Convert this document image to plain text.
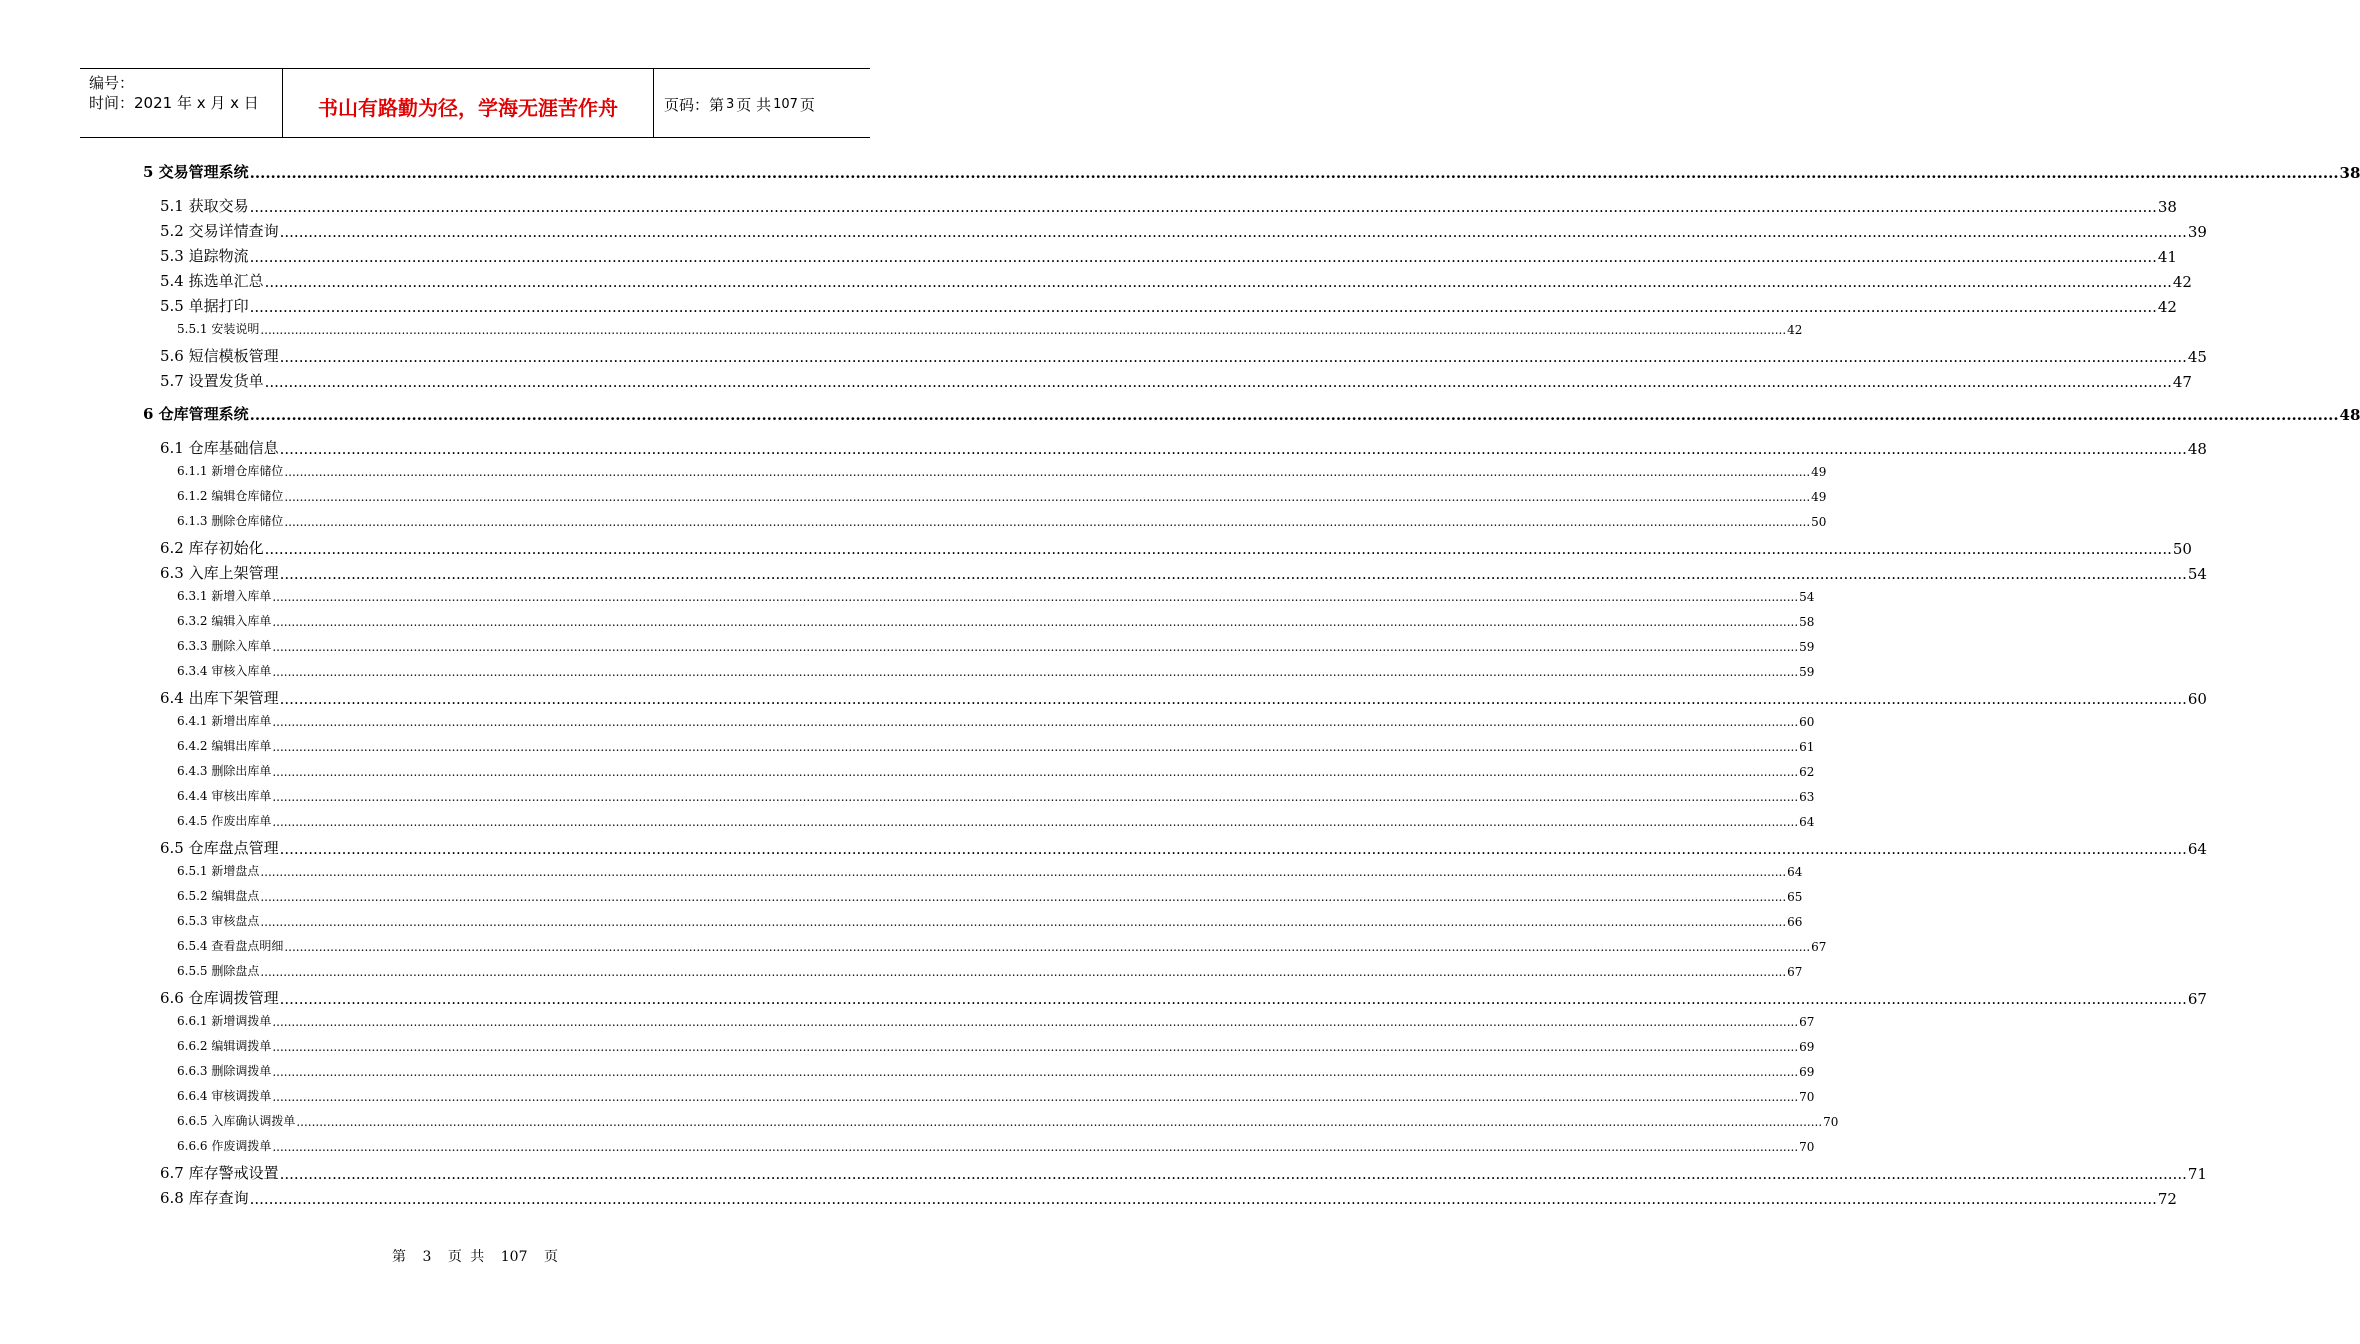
编号：
时间：2021 年 x 月 x 日	书山有路勤为径，学海无涯苦作舟	页码：第 3 页 共 107 页
5 交易管理系统 ................................................................................................................................................................................................................................................................................................................................................................................................................ 38
5.1 获取交易 ................................................................................................................................................................................................................................................................................................................................................................................................................ 38
5.2 交易详情查询 ................................................................................................................................................................................................................................................................................................................................................................................................................ 39
5.3 追踪物流 ................................................................................................................................................................................................................................................................................................................................................................................................................ 41
5.4 拣选单汇总 ................................................................................................................................................................................................................................................................................................................................................................................................................ 42
5.5 单据打印 ................................................................................................................................................................................................................................................................................................................................................................................................................ 42
5.5.1 安装说明 ................................................................................................................................................................................................................................................................................................................................................................................................................ 42
5.6 短信模板管理 ................................................................................................................................................................................................................................................................................................................................................................................................................ 45
5.7 设置发货单 ................................................................................................................................................................................................................................................................................................................................................................................................................ 47
6 仓库管理系统 ................................................................................................................................................................................................................................................................................................................................................................................................................ 48
6.1 仓库基础信息 ................................................................................................................................................................................................................................................................................................................................................................................................................ 48
6.1.1 新增仓库储位 ................................................................................................................................................................................................................................................................................................................................................................................................................ 49
6.1.2 编辑仓库储位 ................................................................................................................................................................................................................................................................................................................................................................................................................ 49
6.1.3 删除仓库储位 ................................................................................................................................................................................................................................................................................................................................................................................................................ 50
6.2 库存初始化 ................................................................................................................................................................................................................................................................................................................................................................................................................ 50
6.3 入库上架管理 ................................................................................................................................................................................................................................................................................................................................................................................................................ 54
6.3.1 新增入库单 ................................................................................................................................................................................................................................................................................................................................................................................................................ 54
6.3.2 编辑入库单 ................................................................................................................................................................................................................................................................................................................................................................................................................ 58
6.3.3 删除入库单 ................................................................................................................................................................................................................................................................................................................................................................................................................ 59
6.3.4 审核入库单 ................................................................................................................................................................................................................................................................................................................................................................................................................ 59
6.4 出库下架管理 ................................................................................................................................................................................................................................................................................................................................................................................................................ 60
6.4.1 新增出库单 ................................................................................................................................................................................................................................................................................................................................................................................................................ 60
6.4.2 编辑出库单 ................................................................................................................................................................................................................................................................................................................................................................................................................ 61
6.4.3 删除出库单 ................................................................................................................................................................................................................................................................................................................................................................................................................ 62
6.4.4 审核出库单 ................................................................................................................................................................................................................................................................................................................................................................................................................ 63
6.4.5 作废出库单 ................................................................................................................................................................................................................................................................................................................................................................................................................ 64
6.5 仓库盘点管理 ................................................................................................................................................................................................................................................................................................................................................................................................................ 64
6.5.1 新增盘点 ................................................................................................................................................................................................................................................................................................................................................................................................................ 64
6.5.2 编辑盘点 ................................................................................................................................................................................................................................................................................................................................................................................................................ 65
6.5.3 审核盘点 ................................................................................................................................................................................................................................................................................................................................................................................................................ 66
6.5.4 查看盘点明细 ................................................................................................................................................................................................................................................................................................................................................................................................................ 67
6.5.5 删除盘点 ................................................................................................................................................................................................................................................................................................................................................................................................................ 67
6.6 仓库调拨管理 ................................................................................................................................................................................................................................................................................................................................................................................................................ 67
6.6.1 新增调拨单 ................................................................................................................................................................................................................................................................................................................................................................................................................ 67
6.6.2 编辑调拨单 ................................................................................................................................................................................................................................................................................................................................................................................................................ 69
6.6.3 删除调拨单 ................................................................................................................................................................................................................................................................................................................................................................................................................ 69
6.6.4 审核调拨单 ................................................................................................................................................................................................................................................................................................................................................................................................................ 70
6.6.5 入库确认调拨单 ................................................................................................................................................................................................................................................................................................................................................................................................................ 70
6.6.6 作废调拨单 ................................................................................................................................................................................................................................................................................................................................................................................................................ 70
6.7 库存警戒设置 ................................................................................................................................................................................................................................................................................................................................................................................................................ 71
6.8 库存查询 ................................................................................................................................................................................................................................................................................................................................................................................................................ 72
第 3 页 共 107 页
